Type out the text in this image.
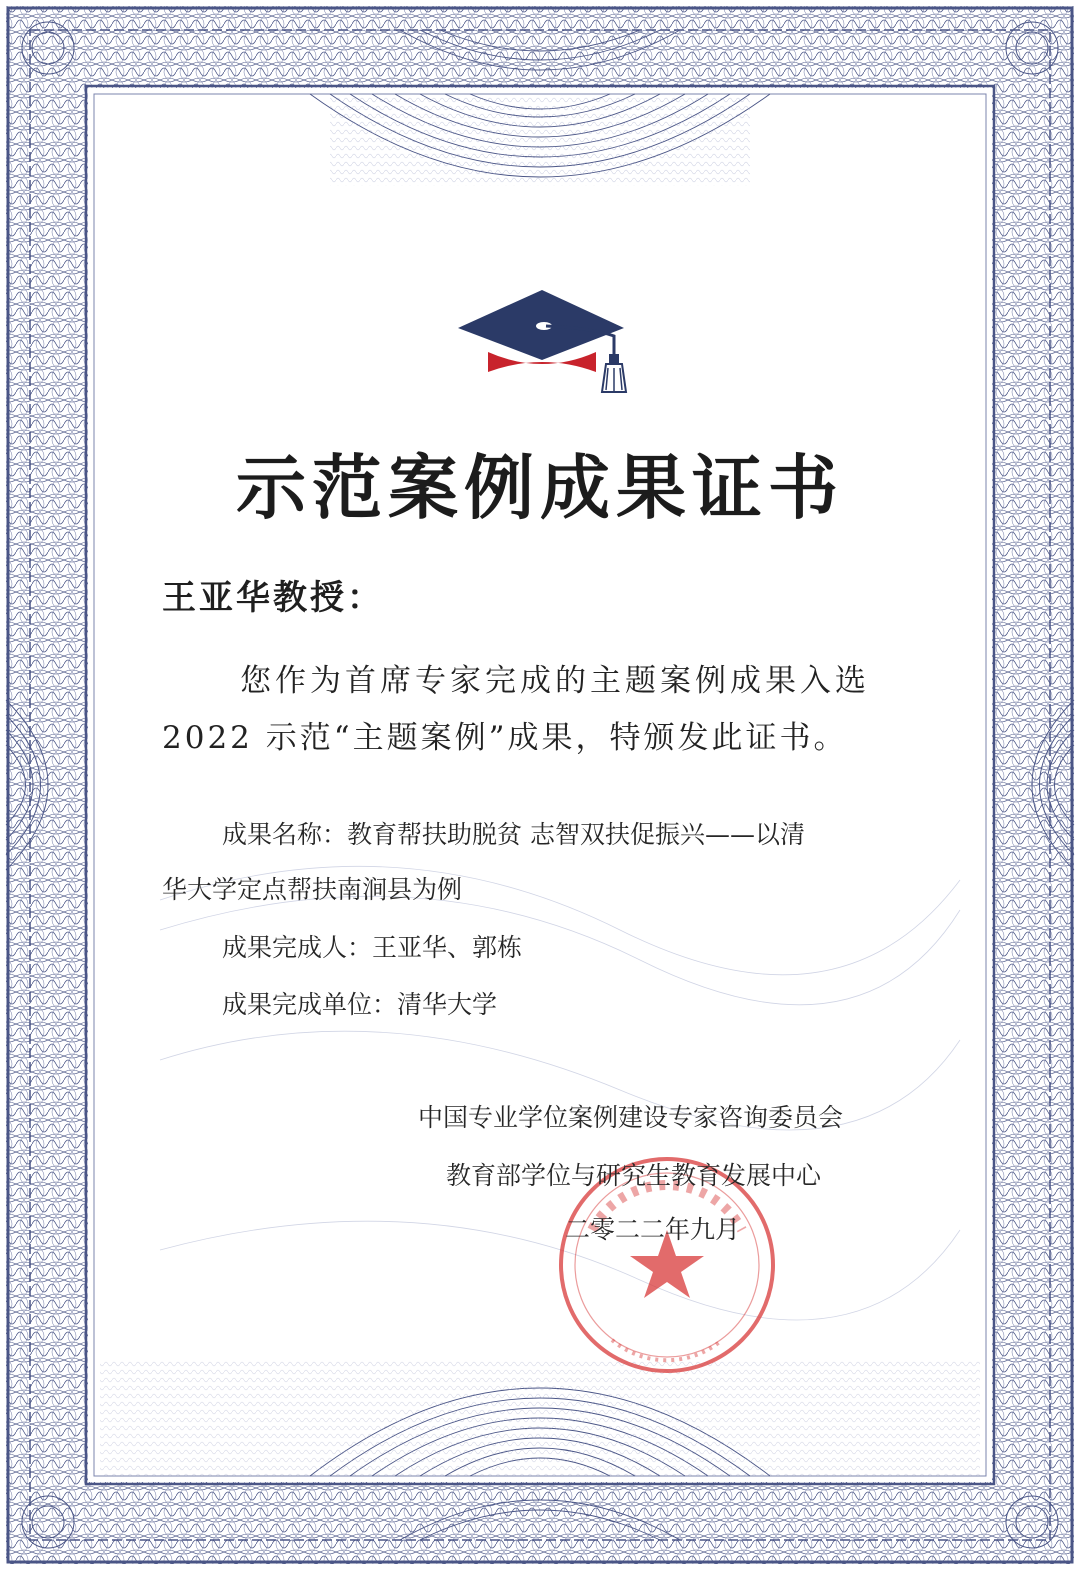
示范案例成果证书

王亚华教授：

您作为首席专家完成的主题案例成果入选

2022 示范“主题案例”成果，特颁发此证书。

成果名称：教育帮扶助脱贫 志智双扶促振兴——以清

华大学定点帮扶南涧县为例

成果完成人：王亚华、郭栋

成果完成单位：清华大学

中国专业学位案例建设专家咨询委员会

教育部学位与研究生教育发展中心

二零二二年九月
